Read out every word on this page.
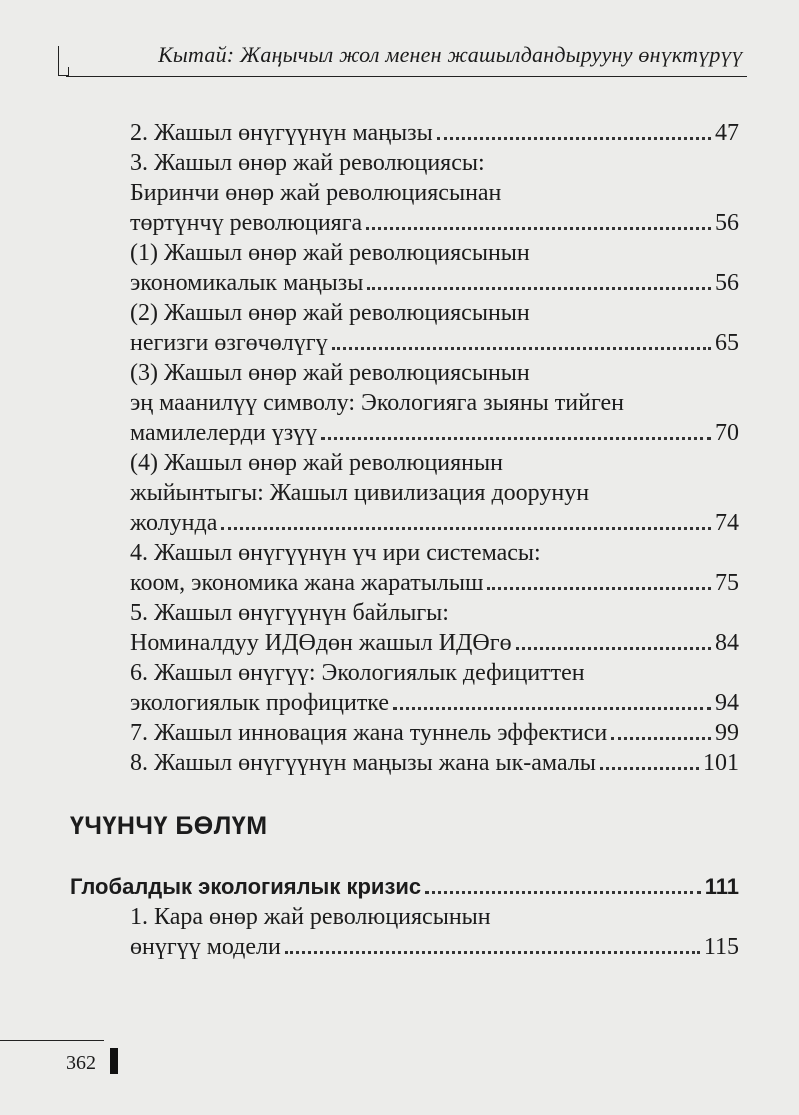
Кытай: Жаңычыл жол менен жашылдандырууну өнүктүрүү
2. Жашыл өнүгүүнүн маңызы	47
3. Жашыл өнөр жай революциясы:
Биринчи өнөр жай революциясынан
төртүнчү революцияга	56
(1) Жашыл өнөр жай революциясынын
экономикалык маңызы	56
(2) Жашыл өнөр жай революциясынын
негизги өзгөчөлүгү	65
(3) Жашыл өнөр жай революциясынын
эң маанилүү символу: Экологияга зыяны тийген
мамилелерди үзүү	70
(4) Жашыл өнөр жай революциянын
жыйынтыгы: Жашыл цивилизация доорунун
жолунда	74
4. Жашыл өнүгүүнүн үч ири системасы:
коом, экономика жана жаратылыш	75
5. Жашыл өнүгүүнүн байлыгы:
Номиналдуу ИДӨдөн жашыл ИДӨгө	84
6. Жашыл өнүгүү: Экологиялык дефициттен
экологиялык профицитке	94
7. Жашыл инновация жана туннель эффектиси	99
8. Жашыл өнүгүүнүн маңызы жана ык-амалы	101
ҮЧҮНЧҮ БӨЛҮМ
Глобалдык экологиялык кризис	111
1. Кара өнөр жай революциясынын
өнүгүү модели	115
362
